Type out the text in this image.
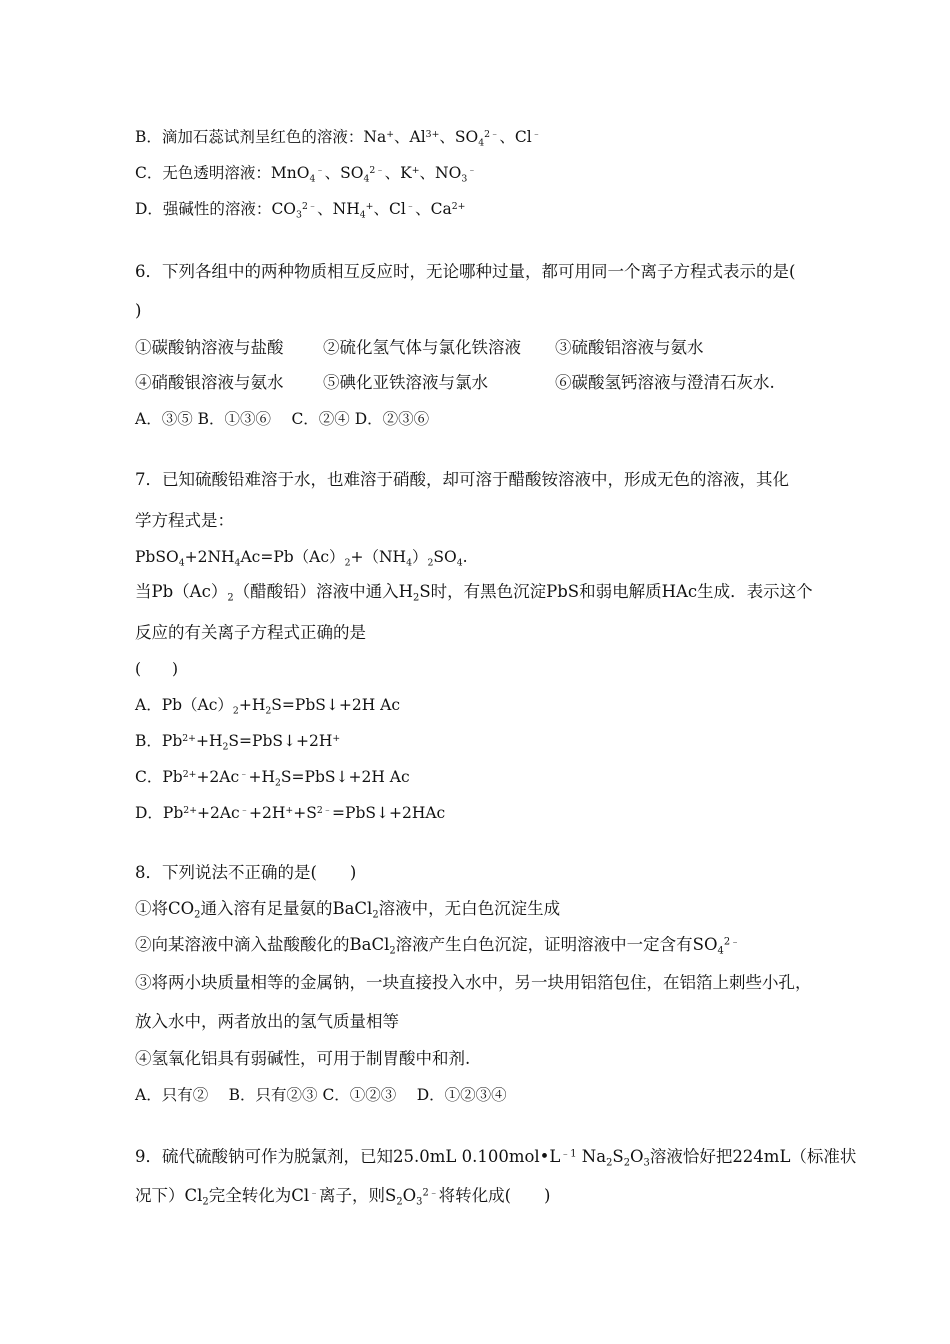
B．滴加石蕊试剂呈红色的溶液：Na+、$Al^{3+}$、$SO_4^{2﹣}$、Cl﹣
C．无色透明溶液：MnO$_4$﹣、$SO_4^{2﹣}$、K+、$NO_3^﹣$
D．强碱性的溶液：$CO_3^{2﹣}$、$NH_4^+$、Cl﹣、$Ca^{2+}$
6．下列各组中的两种物质相互反应时，无论哪种过量，都可用同一个离子方程式表示的是(
)
①碳酸钠溶液与盐酸	②硫化氢气体与氯化铁溶液	③硫酸铝溶液与氨水
④硝酸银溶液与氨水	⑤碘化亚铁溶液与氯水	⑥碳酸氢钙溶液与澄清石灰水.
A．③⑤ B．①③⑥　 C．②④ D．②③⑥
7．已知硫酸铅难溶于水，也难溶于硝酸，却可溶于醋酸铵溶液中，形成无色的溶液，其化
学方程式是：
$PbSO_4+2NH_4Ac=Pb(Ac)_2+(NH_4)_2SO_4$.
当$Pb(Ac)_2$（醋酸铅）溶液中通入$H_2S$时，有黑色沉淀PbS和弱电解质HAc生成．表示这个
反应的有关离子方程式正确的是
(　　)
A．$Pb(Ac)_2+H_2S=PbS↓+2H$ Ac
B．$Pb^{2+}+H_2S=PbS↓+2H^+$
C．$Pb^{2+}+2Ac^﹣+H_2S=PbS↓+2H$ Ac
D．$Pb^{2+}+2Ac^﹣+2H^++S^{2﹣}=PbS↓+2HAc$
8．下列说法不正确的是(　　)
①将$CO_2$通入溶有足量氨的BaCl$_2$溶液中，无白色沉淀生成
②向某溶液中滴入盐酸酸化的BaCl$_2$溶液产生白色沉淀，证明溶液中一定含有$SO_4^{2﹣}$
③将两小块质量相等的金属钠，一块直接投入水中，另一块用铝箔包住，在铝箔上刺些小孔，
放入水中，两者放出的氢气质量相等
④氢氧化铝具有弱碱性，可用于制胃酸中和剂.
A．只有②　 B．只有②③ C．①②③　 D．①②③④
9．硫代硫酸钠可作为脱氯剂，已知25.0mL $0.100mol•L^{﹣1}$ $Na_2S_2O_3$溶液恰好把224mL（标准状
况下）$Cl_2$完全转化为Cl﹣离子，则$S_2O_3^{2﹣}$将转化成(　　)
